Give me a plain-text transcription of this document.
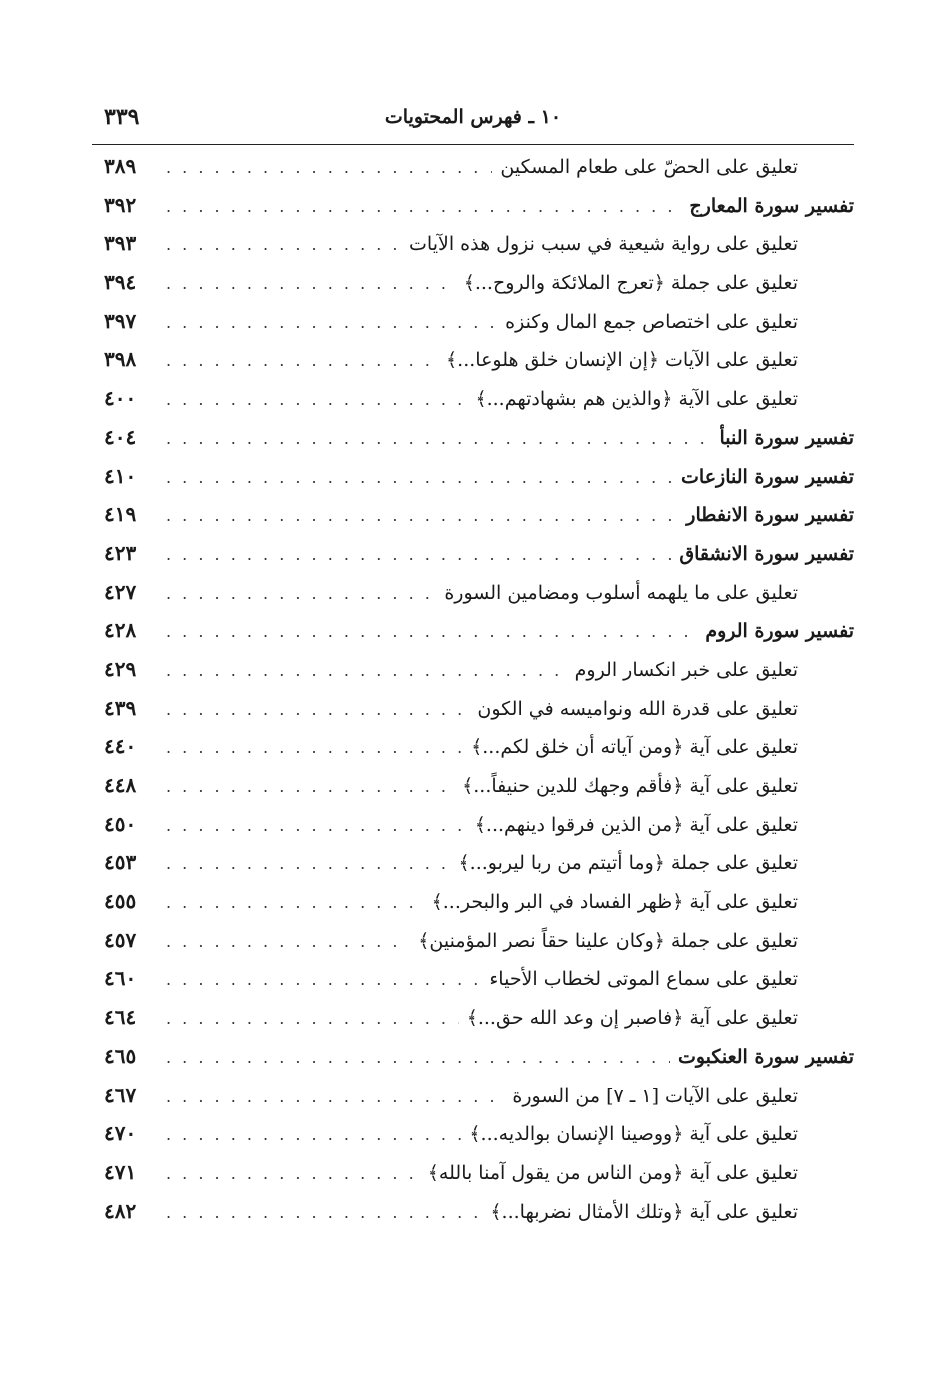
١٠ ـ فهرس المحتويات
٣٣٩
تعليق على الحضّ على طعام المسكين
. . .
٣٨٩
تفسير سورة المعارج
. . .
٣٩٢
تعليق على رواية شيعية في سبب نزول هذه الآيات
. . .
٣٩٣
تعليق على جملة ﴿تعرج الملائكة والروح...﴾
. . .
٣٩٤
تعليق على اختصاص جمع المال وكنزه
. . .
٣٩٧
تعليق على الآيات ﴿إن الإنسان خلق هلوعا...﴾
. . .
٣٩٨
تعليق على الآية ﴿والذين هم بشهادتهم...﴾
. . .
٤٠٠
تفسير سورة النبأ
. . .
٤٠٤
تفسير سورة النازعات
. . .
٤١٠
تفسير سورة الانفطار
. . .
٤١٩
تفسير سورة الانشقاق
. . .
٤٢٣
تعليق على ما يلهمه أسلوب ومضامين السورة
. . .
٤٢٧
تفسير سورة الروم
. . .
٤٢٨
تعليق على خبر انكسار الروم
. . .
٤٢٩
تعليق على قدرة الله ونواميسه في الكون
. . .
٤٣٩
تعليق على آية ﴿ومن آياته أن خلق لكم...﴾
. . .
٤٤٠
تعليق على آية ﴿فأقم وجهك للدين حنيفاً...﴾
. . .
٤٤٨
تعليق على آية ﴿من الذين فرقوا دينهم...﴾
. . .
٤٥٠
تعليق على جملة ﴿وما أتيتم من ربا ليربو...﴾
. . .
٤٥٣
تعليق على آية ﴿ظهر الفساد في البر والبحر...﴾
. . .
٤٥٥
تعليق على جملة ﴿وكان علينا حقاً نصر المؤمنين﴾
. . .
٤٥٧
تعليق على سماع الموتى لخطاب الأحياء
. . .
٤٦٠
تعليق على آية ﴿فاصبر إن وعد الله حق...﴾
. . .
٤٦٤
تفسير سورة العنكبوت
. . .
٤٦٥
تعليق على الآيات [١ ـ ٧] من السورة
. . .
٤٦٧
تعليق على آية ﴿ووصينا الإنسان بوالديه...﴾
. . .
٤٧٠
تعليق على آية ﴿ومن الناس من يقول آمنا بالله﴾
. . .
٤٧١
تعليق على آية ﴿وتلك الأمثال نضربها...﴾
. . .
٤٨٢
